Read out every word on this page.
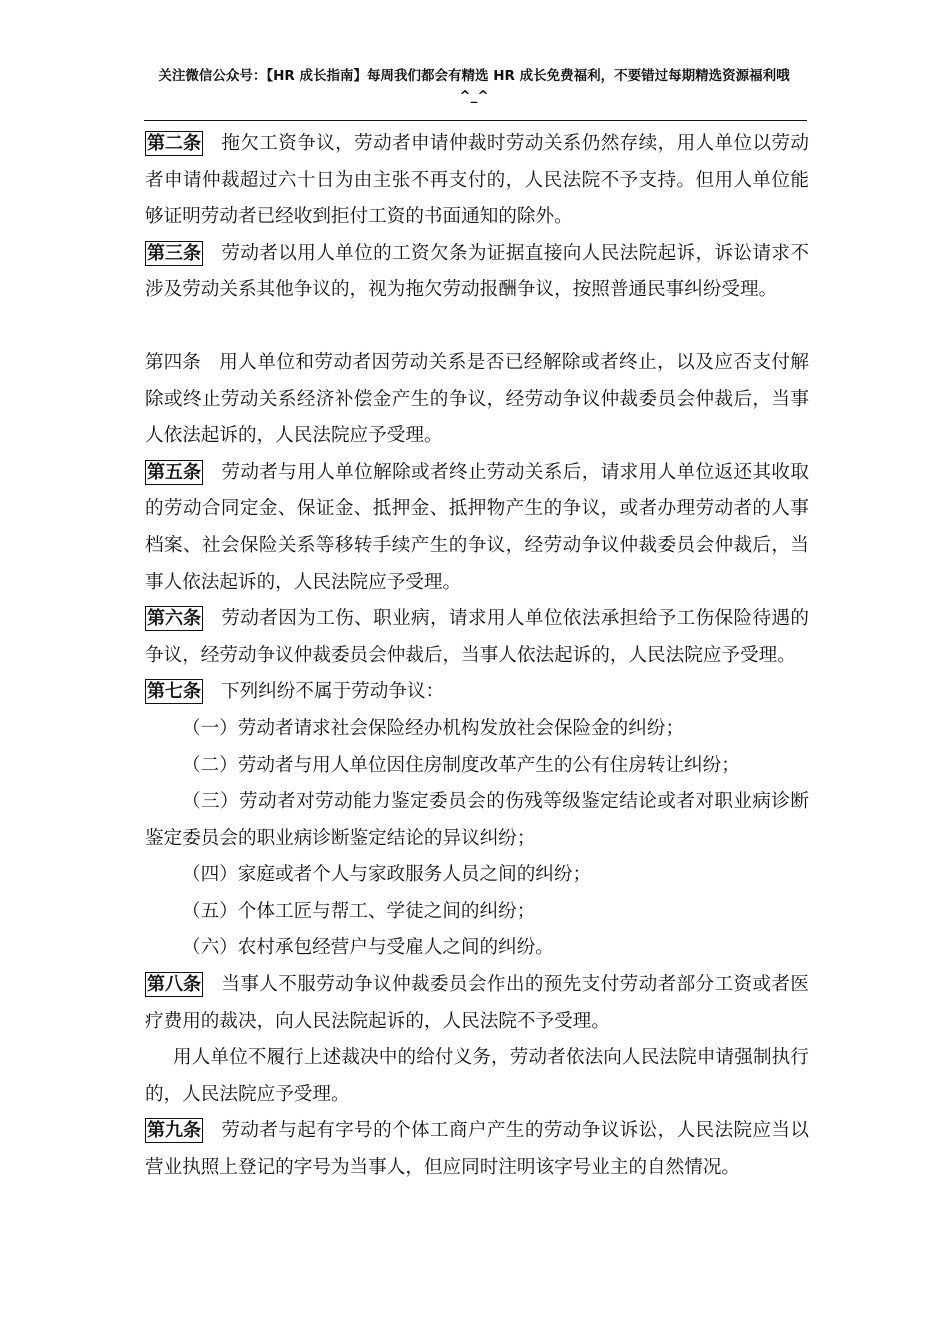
关注微信公众号：【HR 成长指南】每周我们都会有精选 HR 成长免费福利，不要错过每期精选资源福利哦
^_^

第二条 拖欠工资争议，劳动者申请仲裁时劳动关系仍然存续，用人单位以劳动者申请仲裁超过六十日为由主张不再支付的，人民法院不予支持。但用人单位能够证明劳动者已经收到拒付工资的书面通知的除外。

第三条 劳动者以用人单位的工资欠条为证据直接向人民法院起诉，诉讼请求不涉及劳动关系其他争议的，视为拖欠劳动报酬争议，按照普通民事纠纷受理。

第四条 用人单位和劳动者因劳动关系是否已经解除或者终止，以及应否支付解除或终止劳动关系经济补偿金产生的争议，经劳动争议仲裁委员会仲裁后，当事人依法起诉的，人民法院应予受理。

第五条 劳动者与用人单位解除或者终止劳动关系后，请求用人单位返还其收取的劳动合同定金、保证金、抵押金、抵押物产生的争议，或者办理劳动者的人事档案、社会保险关系等移转手续产生的争议，经劳动争议仲裁委员会仲裁后，当事人依法起诉的，人民法院应予受理。

第六条 劳动者因为工伤、职业病，请求用人单位依法承担给予工伤保险待遇的争议，经劳动争议仲裁委员会仲裁后，当事人依法起诉的，人民法院应予受理。

第七条 下列纠纷不属于劳动争议：

（一）劳动者请求社会保险经办机构发放社会保险金的纠纷；

（二）劳动者与用人单位因住房制度改革产生的公有住房转让纠纷；

（三）劳动者对劳动能力鉴定委员会的伤残等级鉴定结论或者对职业病诊断鉴定委员会的职业病诊断鉴定结论的异议纠纷；

（四）家庭或者个人与家政服务人员之间的纠纷；

（五）个体工匠与帮工、学徒之间的纠纷；

（六）农村承包经营户与受雇人之间的纠纷。

第八条 当事人不服劳动争议仲裁委员会作出的预先支付劳动者部分工资或者医疗费用的裁决，向人民法院起诉的，人民法院不予受理。

用人单位不履行上述裁决中的给付义务，劳动者依法向人民法院申请强制执行的，人民法院应予受理。

第九条 劳动者与起有字号的个体工商户产生的劳动争议诉讼，人民法院应当以营业执照上登记的字号为当事人，但应同时注明该字号业主的自然情况。
